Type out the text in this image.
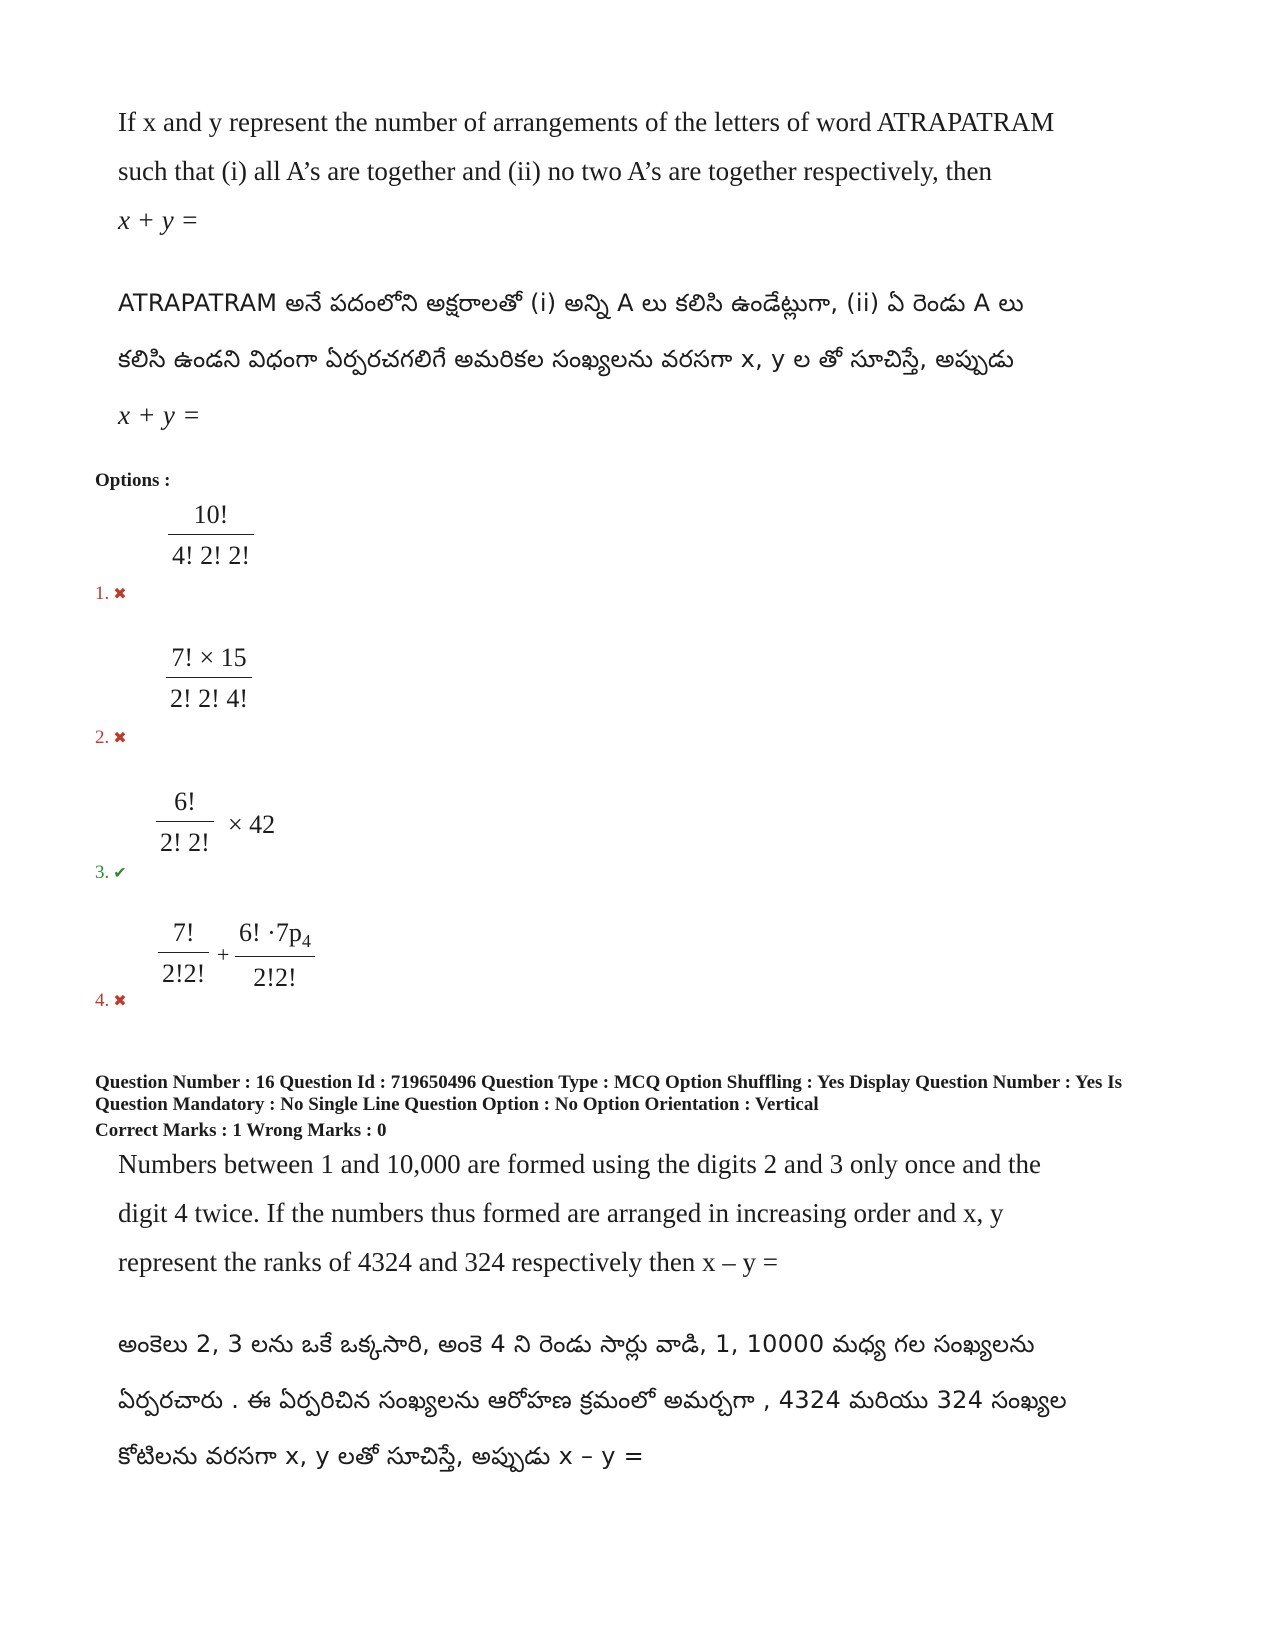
If x and y represent the number of arrangements of the letters of word ATRAPATRAM

such that (i) all A’s are together and (ii) no two A’s are together respectively, then

x + y =

ATRAPATRAM అనే పదంలోని అక్షరాలతో (i) అన్ని A లు కలిసి ఉండేట్లుగా, (ii) ఏ రెండు A లు

కలిసి ఉండని విధంగా ఏర్పరచగలిగే అమరికల సంఖ్యలను వరసగా x, y ల తో సూచిస్తే, అప్పుడు

x + y =

Options :
$\frac{10!}{4! 2! 2!}$
1. ✖
$\frac{7! \times 15}{2! 2! 4!}$
2. ✖
$\frac{6!}{2! 2!} \times 42$
3. ✔
$\frac{7!}{2!2!} + \frac{6! \cdot 7p_4}{2!2!}$
4. ✖

Question Number : 16 Question Id : 719650496 Question Type : MCQ Option Shuffling : Yes Display Question Number : Yes Is

Question Mandatory : No Single Line Question Option : No Option Orientation : Vertical

Correct Marks : 1 Wrong Marks : 0

Numbers between 1 and 10,000 are formed using the digits 2 and 3 only once and the

digit 4 twice. If the numbers thus formed are arranged in increasing order and x, y

represent the ranks of 4324 and 324 respectively then x – y =

అంకెలు 2, 3 లను ఒకే ఒక్కసారి, అంకె 4 ని రెండు సార్లు వాడి, 1, 10000 మధ్య గల సంఖ్యలను

ఏర్పరచారు . ఈ ఏర్పరిచిన సంఖ్యలను ఆరోహణ క్రమంలో అమర్చగా , 4324 మరియు 324 సంఖ్యల

కోటిలను వరసగా x, y లతో సూచిస్తే, అప్పుడు x – y =
